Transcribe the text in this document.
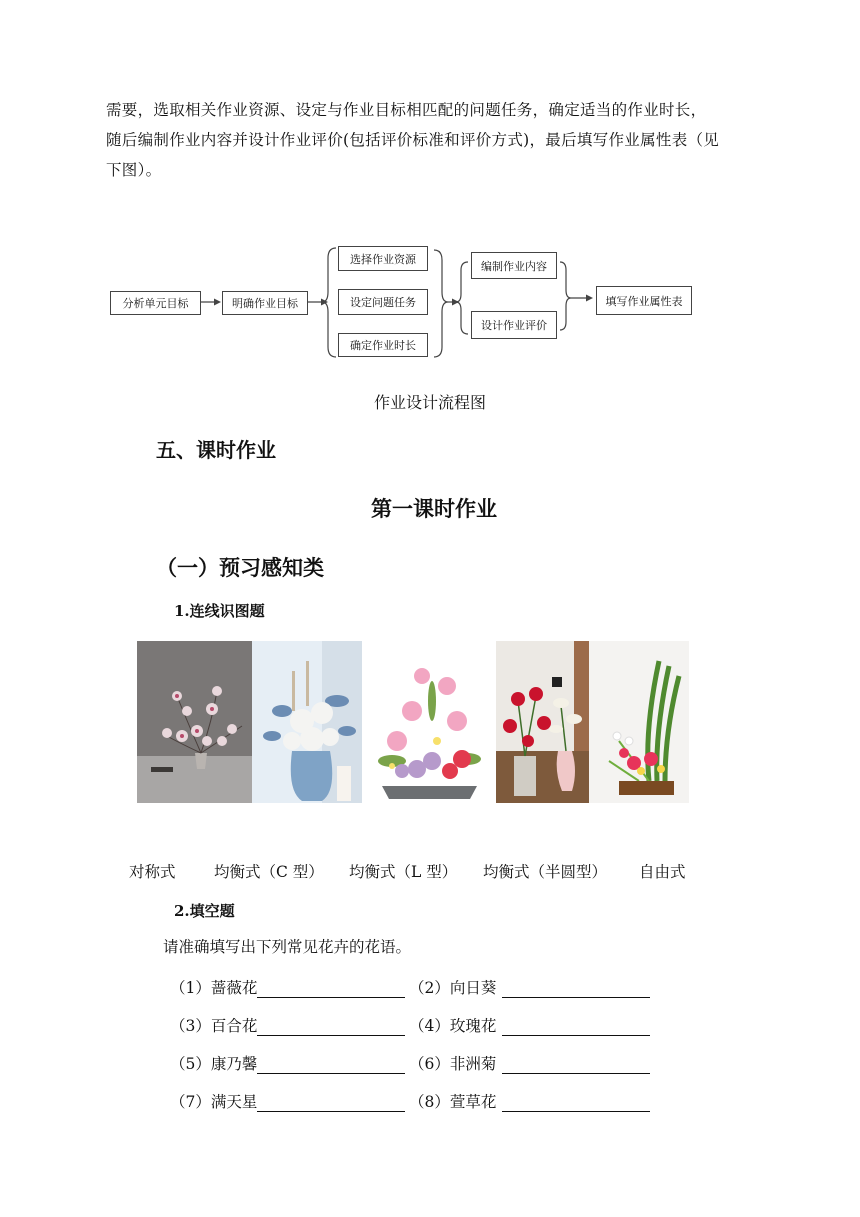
需要，选取相关作业资源、设定与作业目标相匹配的问题任务，确定适当的作业时长，
随后编制作业内容并设计作业评价(包括评价标准和评价方式)，最后填写作业属性表（见
下图）。
分析单元目标	明确作业目标
选择作业资源
设定问题任务
确定作业时长
编制作业内容
设计作业评价
填写作业属性表
作业设计流程图
五、课时作业
第一课时作业
（一）预习感知类
1.连线识图题
对称式 均衡式（C 型） 均衡式（L 型） 均衡式（半圆型） 自由式
2.填空题
请准确填写出下列常见花卉的花语。
（1）蔷薇花	（2）向日葵
（3）百合花	（4）玫瑰花
（5）康乃馨	（6）非洲菊
（7）满天星	（8）萱草花
